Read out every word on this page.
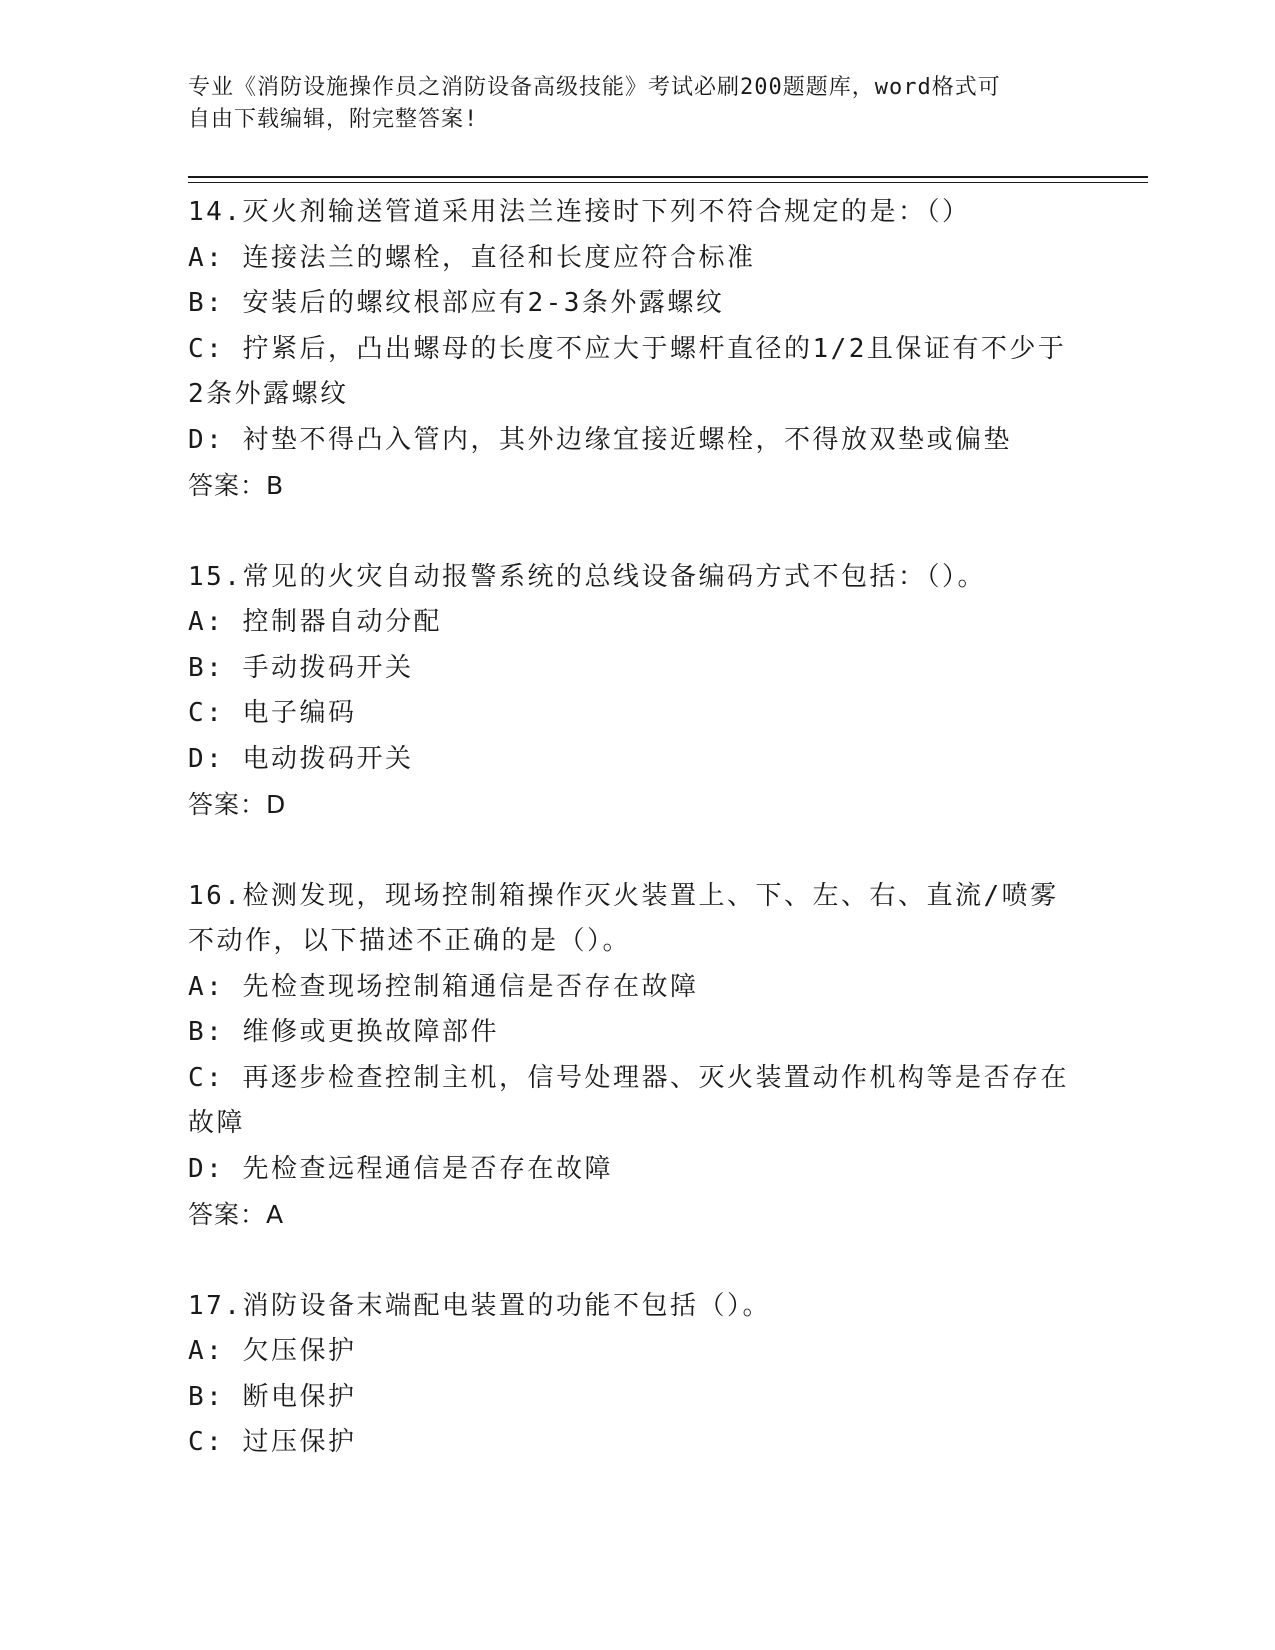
专业《消防设施操作员之消防设备高级技能》考试必刷200题题库，word格式可
自由下载编辑，附完整答案!
14.灭火剂输送管道采用法兰连接时下列不符合规定的是：（）
A: 连接法兰的螺栓，直径和长度应符合标准
B: 安装后的螺纹根部应有2-3条外露螺纹
C: 拧紧后，凸出螺母的长度不应大于螺杆直径的1/2且保证有不少于
2条外露螺纹
D: 衬垫不得凸入管内，其外边缘宜接近螺栓，不得放双垫或偏垫
答案：B
15.常见的火灾自动报警系统的总线设备编码方式不包括：（）。
A: 控制器自动分配
B: 手动拨码开关
C: 电子编码
D: 电动拨码开关
答案：D
16.检测发现，现场控制箱操作灭火装置上、下、左、右、直流/喷雾
不动作，以下描述不正确的是（）。
A: 先检查现场控制箱通信是否存在故障
B: 维修或更换故障部件
C: 再逐步检查控制主机，信号处理器、灭火装置动作机构等是否存在
故障
D: 先检查远程通信是否存在故障
答案：A
17.消防设备末端配电装置的功能不包括（）。
A: 欠压保护
B: 断电保护
C: 过压保护
